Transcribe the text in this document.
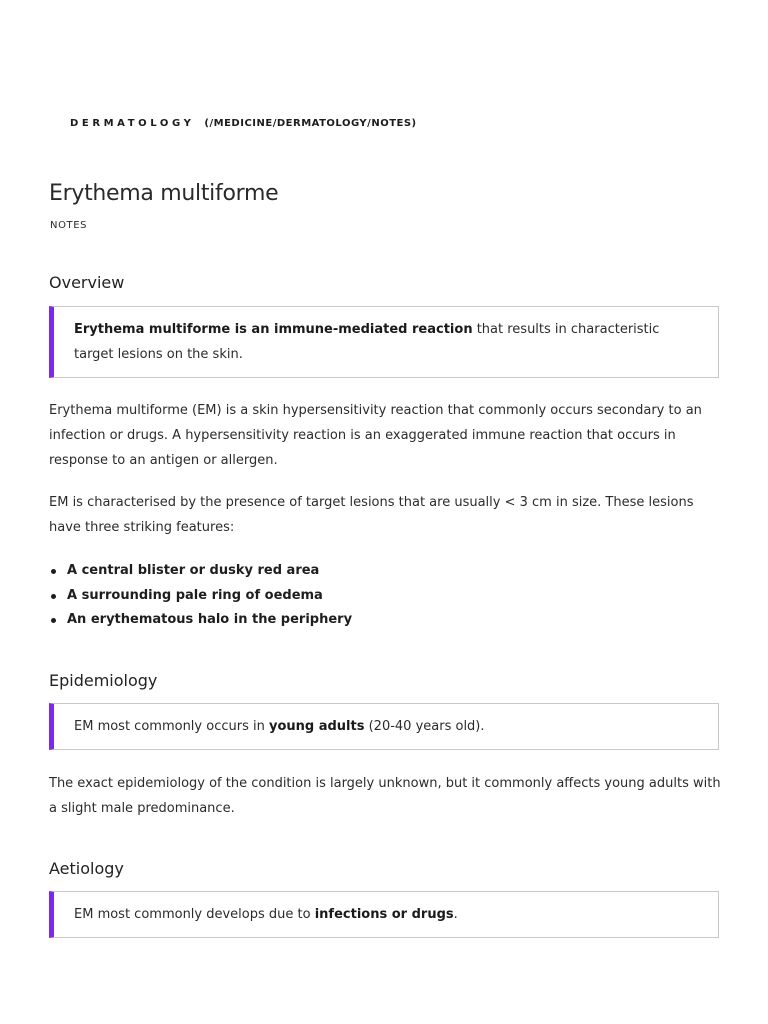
DERMATOLOGY (/MEDICINE/DERMATOLOGY/NOTES)
Erythema multiforme
NOTES
Overview
Erythema multiforme is an immune-mediated reaction that results in characteristic target lesions on the skin.

Erythema multiforme (EM) is a skin hypersensitivity reaction that commonly occurs secondary to an infection or drugs. A hypersensitivity reaction is an exaggerated immune reaction that occurs in response to an antigen or allergen.

EM is characterised by the presence of target lesions that are usually < 3 cm in size. These lesions have three striking features:

A central blister or dusky red area
A surrounding pale ring of oedema
An erythematous halo in the periphery
Epidemiology
EM most commonly occurs in young adults (20-40 years old).

The exact epidemiology of the condition is largely unknown, but it commonly affects young adults with a slight male predominance.

Aetiology
EM most commonly develops due to infections or drugs.
